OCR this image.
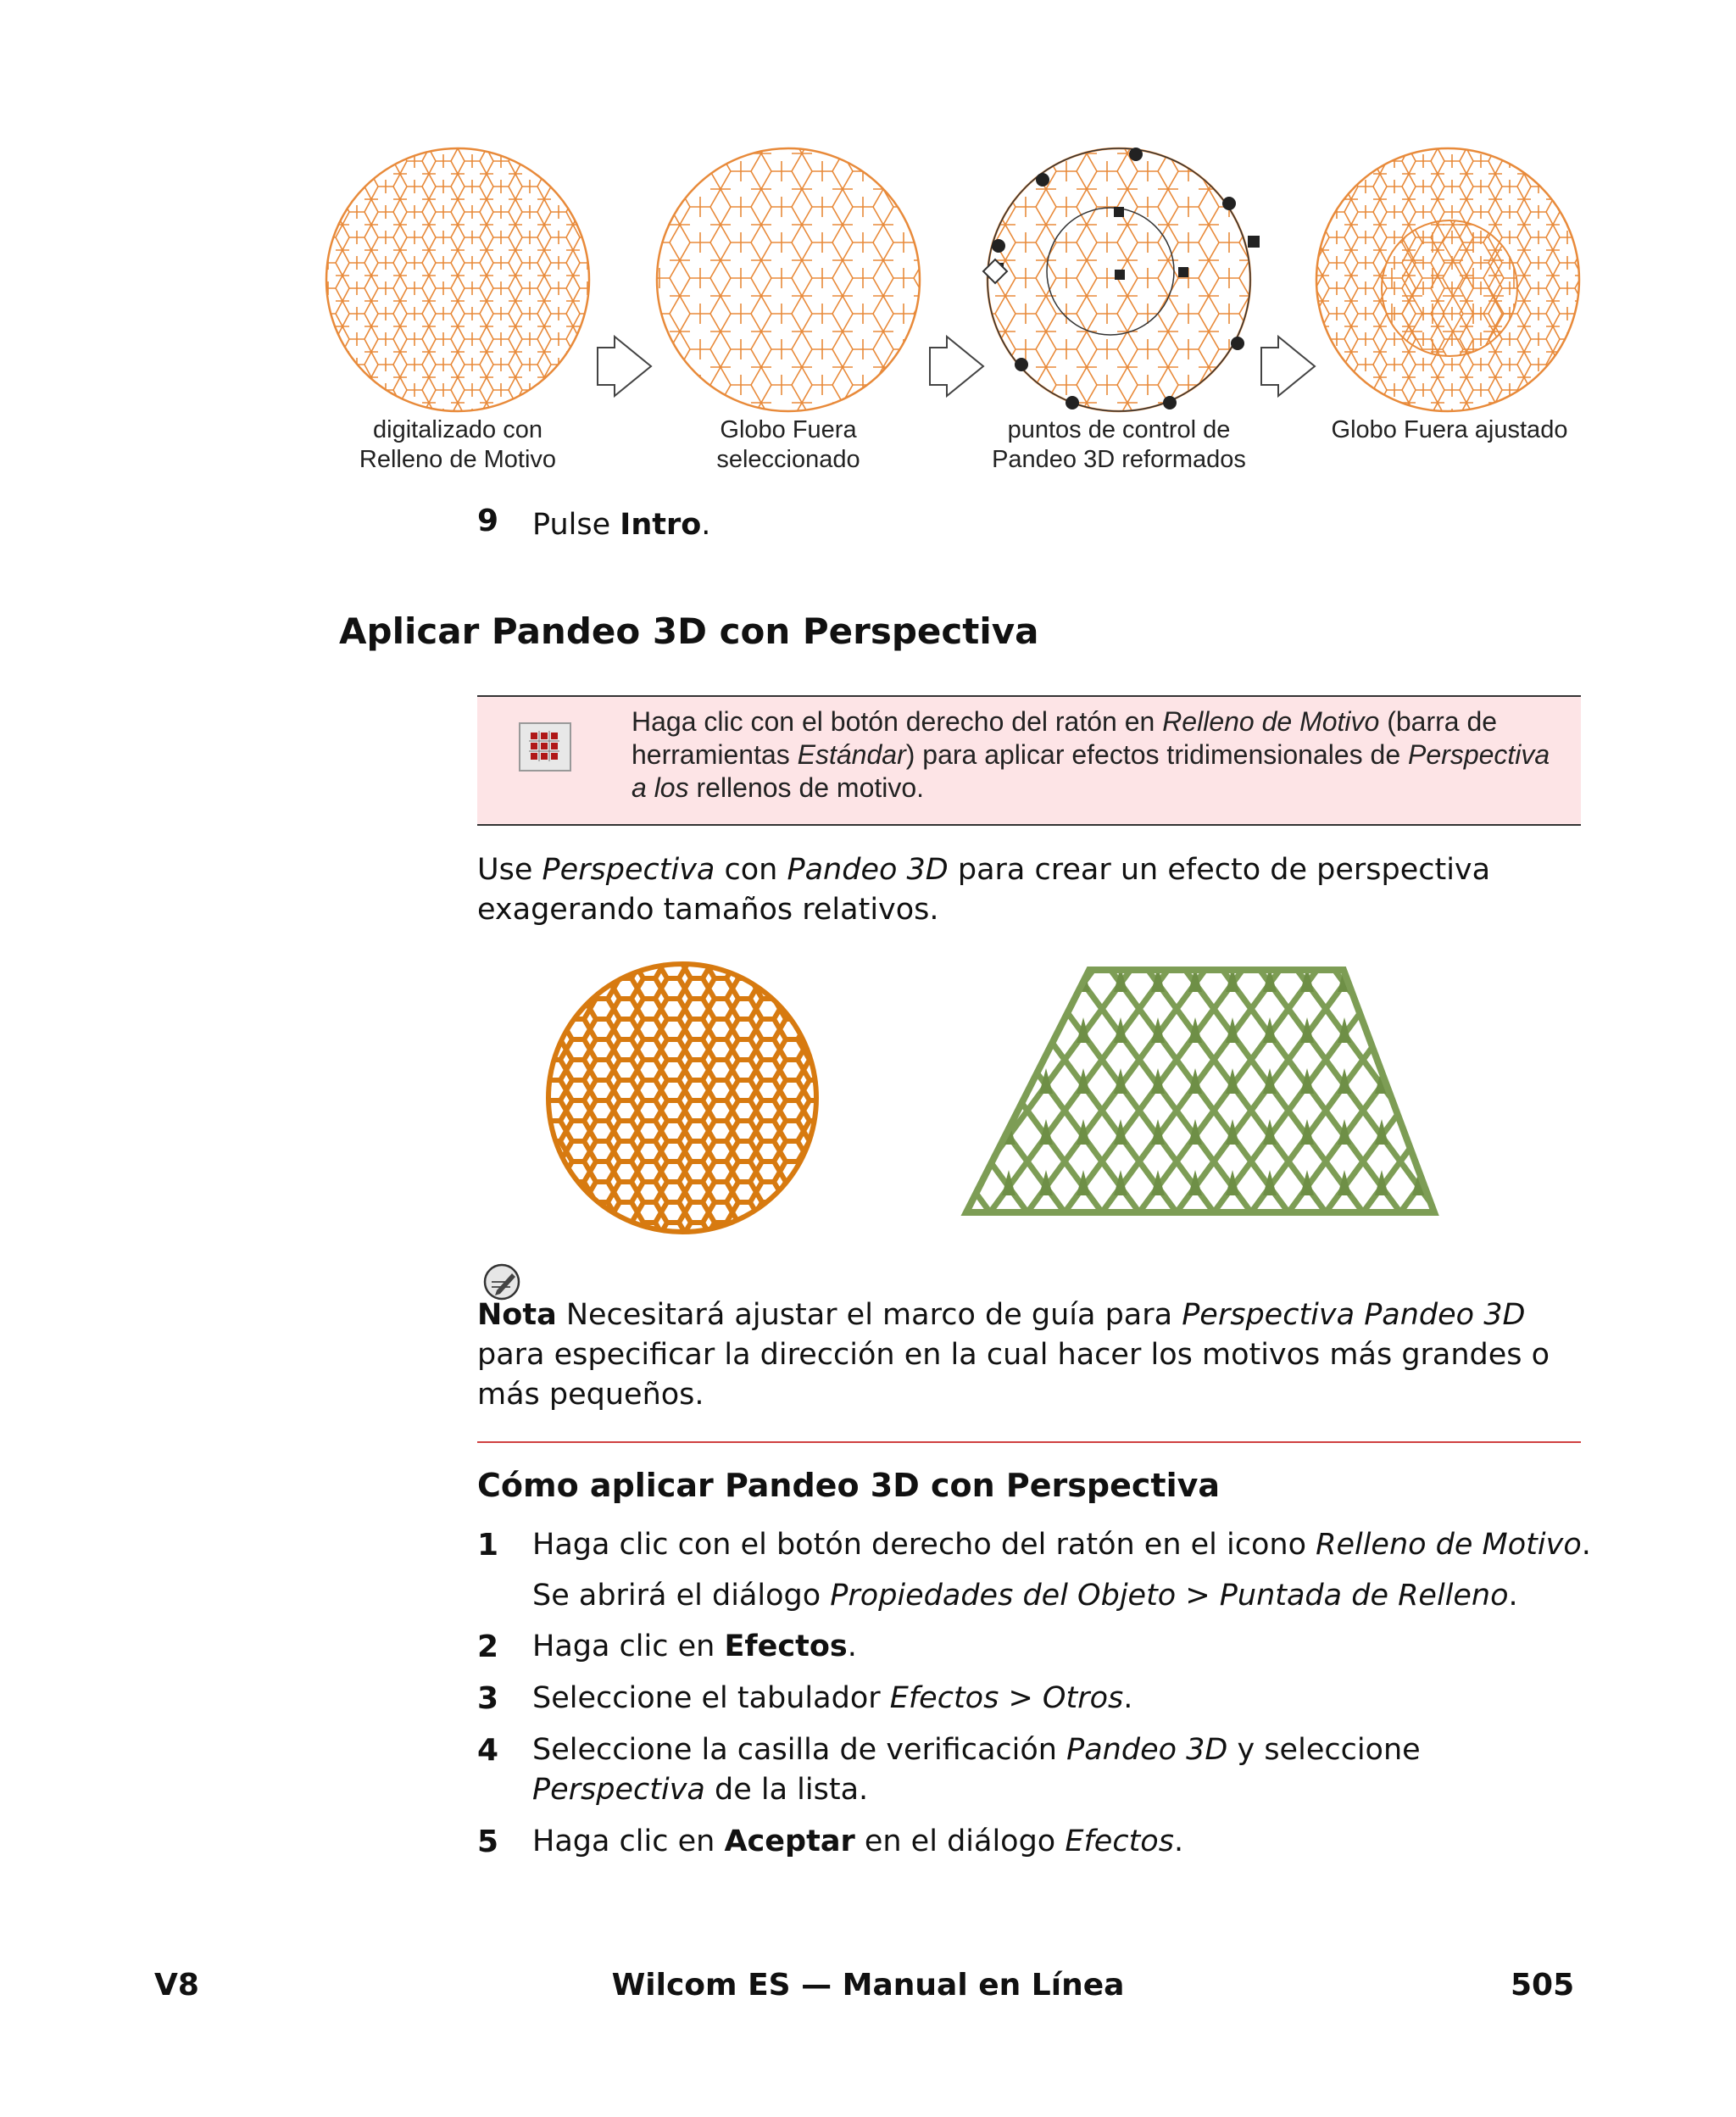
digitalizado con
Relleno de Motivo
Globo Fuera
seleccionado
puntos de control de
Pandeo 3D reformados
Globo Fuera ajustado
9 Pulse Intro.
Aplicar Pandeo 3D con Perspectiva
Haga clic con el botón derecho del ratón en Relleno de Motivo (barra de herramientas Estándar) para aplicar efectos tridimensionales de Perspectiva a los rellenos de motivo.
Use Perspectiva con Pandeo 3D para crear un efecto de perspectiva exagerando tamaños relativos.
Nota Necesitará ajustar el marco de guía para Perspectiva Pandeo 3D para especificar la dirección en la cual hacer los motivos más grandes o más pequeños.
Cómo aplicar Pandeo 3D con Perspectiva
1 Haga clic con el botón derecho del ratón en el icono Relleno de Motivo.
Se abrirá el diálogo Propiedades del Objeto > Puntada de Relleno.
2 Haga clic en Efectos.
3 Seleccione el tabulador Efectos > Otros.
4 Seleccione la casilla de verificación Pandeo 3D y seleccione Perspectiva de la lista.
5 Haga clic en Aceptar en el diálogo Efectos.
V8	Wilcom ES — Manual en Línea	505
